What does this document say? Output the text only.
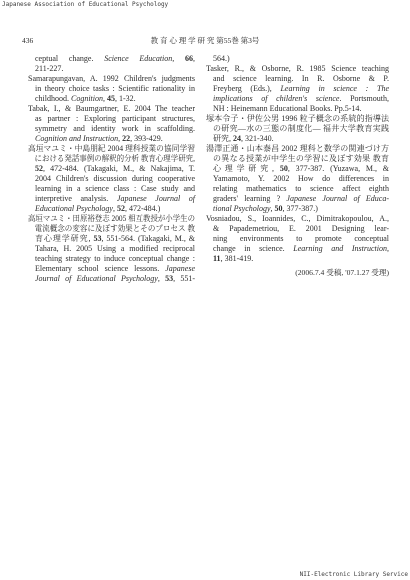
Japanese Association of Educational Psychology
436	教 育 心 理 学 研 究 第55巻 第3号
ceptual change. Science Education, 66,
211-227.
Samarapungavan, A. 1992 Children's judgments
in theory choice tasks : Scientific rationality in
childhood. Cognition, 45, 1-32.
Tabak, I., & Baumgartner, E. 2004 The teacher
as partner : Exploring participant structures,
symmetry and identity work in scaffolding.
Cognition and Instruction, 22, 393-429.
高垣マユミ・中島朋紀 2004 理科授業の協同学習
における発話事例の解釈的分析 教育心理学研究,
52, 472-484. (Takagaki, M., & Nakajima, T.
2004 Children's discussion during cooperative
learning in a science class : Case study and
interpretive analysis. Japanese Journal of
Educational Psychology, 52, 472-484.)
高垣マユミ・田原裕登志 2005 相互教授が小学生の
電流概念の変容に及ぼす効果とそのプロセス 教
育心理学研究, 53, 551-564. (Takagaki, M., &
Tahara, H. 2005 Using a modified reciprocal
teaching strategy to induce conceptual change :
Elementary school science lessons. Japanese
Journal of Educational Psychology, 53, 551-
564.)
Tasker, R., & Osborne, R. 1985 Science teaching
and science learning. In R. Osborne & P.
Freyberg (Eds.), Learning in science : The
implications of children's science. Portsmouth,
NH : Heinemann Educational Books. Pp.5-14.
塚本令子・伊佐公男 1996 粒子概念の系統的指導法
の研究―水の三態の制度化― 福井大学教育実践
研究, 24, 321-340.
湯澤正通・山本泰昌 2002 理科と数学の関連づけ方
の異なる授業が中学生の学習に及ぼす効果 教育
心理学研究, 50, 377-387. (Yuzawa, M., &
Yamamoto, Y. 2002 How do differences in
relating mathematics to science affect eighth
graders' learning ? Japanese Journal of Educa-
tional Psychology, 50, 377-387.)
Vosniadou, S., Ioannides, C., Dimitrakopoulou, A.,
& Papademetriou, E. 2001 Designing lear-
ning environments to promote conceptual
change in science. Learning and Instruction,
11, 381-419.
(2006.7.4 受稿, '07.1.27 受理)
NII-Electronic Library Service
